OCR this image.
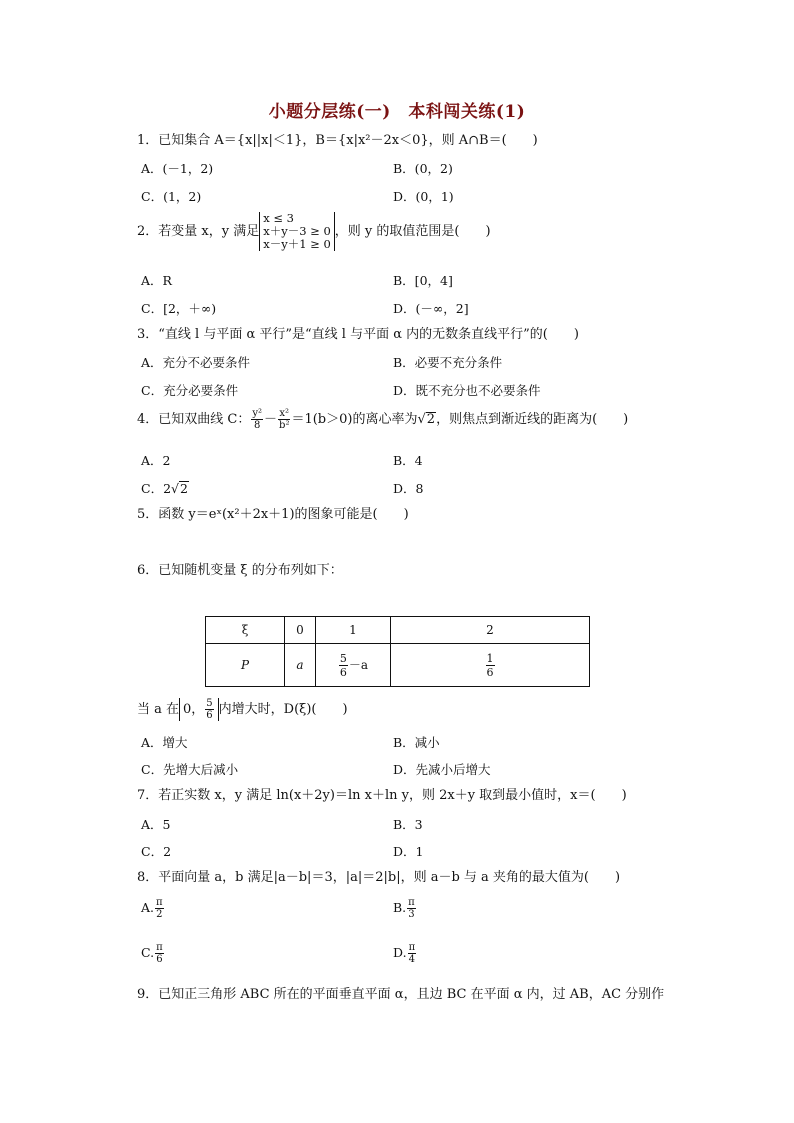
小题分层练(一)　本科闯关练(1)
1．已知集合 A＝{x||x|＜1}，B＝{x|x²－2x＜0}，则 A∩B＝(　　)
A．(－1，2)	B．(0，2)
C．(1，2)	D．(0，1)
2．若变量 x，y 满足
x ≤ 3
x＋y－3 ≥ 0
x－y＋1 ≥ 0
，则 y 的取值范围是(　　)
A．R	B．[0，4]
C．[2，＋∞)	D．(－∞，2]
3．“直线 l 与平面 α 平行”是“直线 l 与平面 α 内的无数条直线平行”的(　　)
A．充分不必要条件	B．必要不充分条件
C．充分必要条件	D．既不充分也不必要条件
4．已知双曲线 C： $\frac{\text{y²}}{8} - \frac{\text{x²}}{\text{b²}} =1(b>0)$的离心率为√2，则焦点到渐近线的距离为(　　)
A．2	B．4
C．2√2	D．8
5．函数 y＝eˣ(x²＋2x＋1)的图象可能是(　　)
6．已知随机变量 ξ 的分布列如下：
ξ	0	1	2
P	a	$\frac{5}{6} -a$	$\frac{1}{6}$
当 a 在 0， $\frac{5}{6}$ 内增大时，D(ξ)(　　)
A．增大	B．减小
C．先增大后减小	D．先减小后增大
7．若正实数 x，y 满足 ln(x＋2y)＝ln x＋ln y，则 2x＋y 取到最小值时，x＝(　　)
A．5	B．3
C．2	D．1
8．平面向量 a，b 满足|a－b|＝3，|a|＝2|b|，则 a－b 与 a 夹角的最大值为(　　)
A. $\frac{\pi}{2}$	B. $\frac{\pi}{3}$
C. $\frac{\pi}{6}$	D. $\frac{\pi}{4}$
9．已知正三角形 ABC 所在的平面垂直平面 α，且边 BC 在平面 α 内，过 AB，AC 分别作
